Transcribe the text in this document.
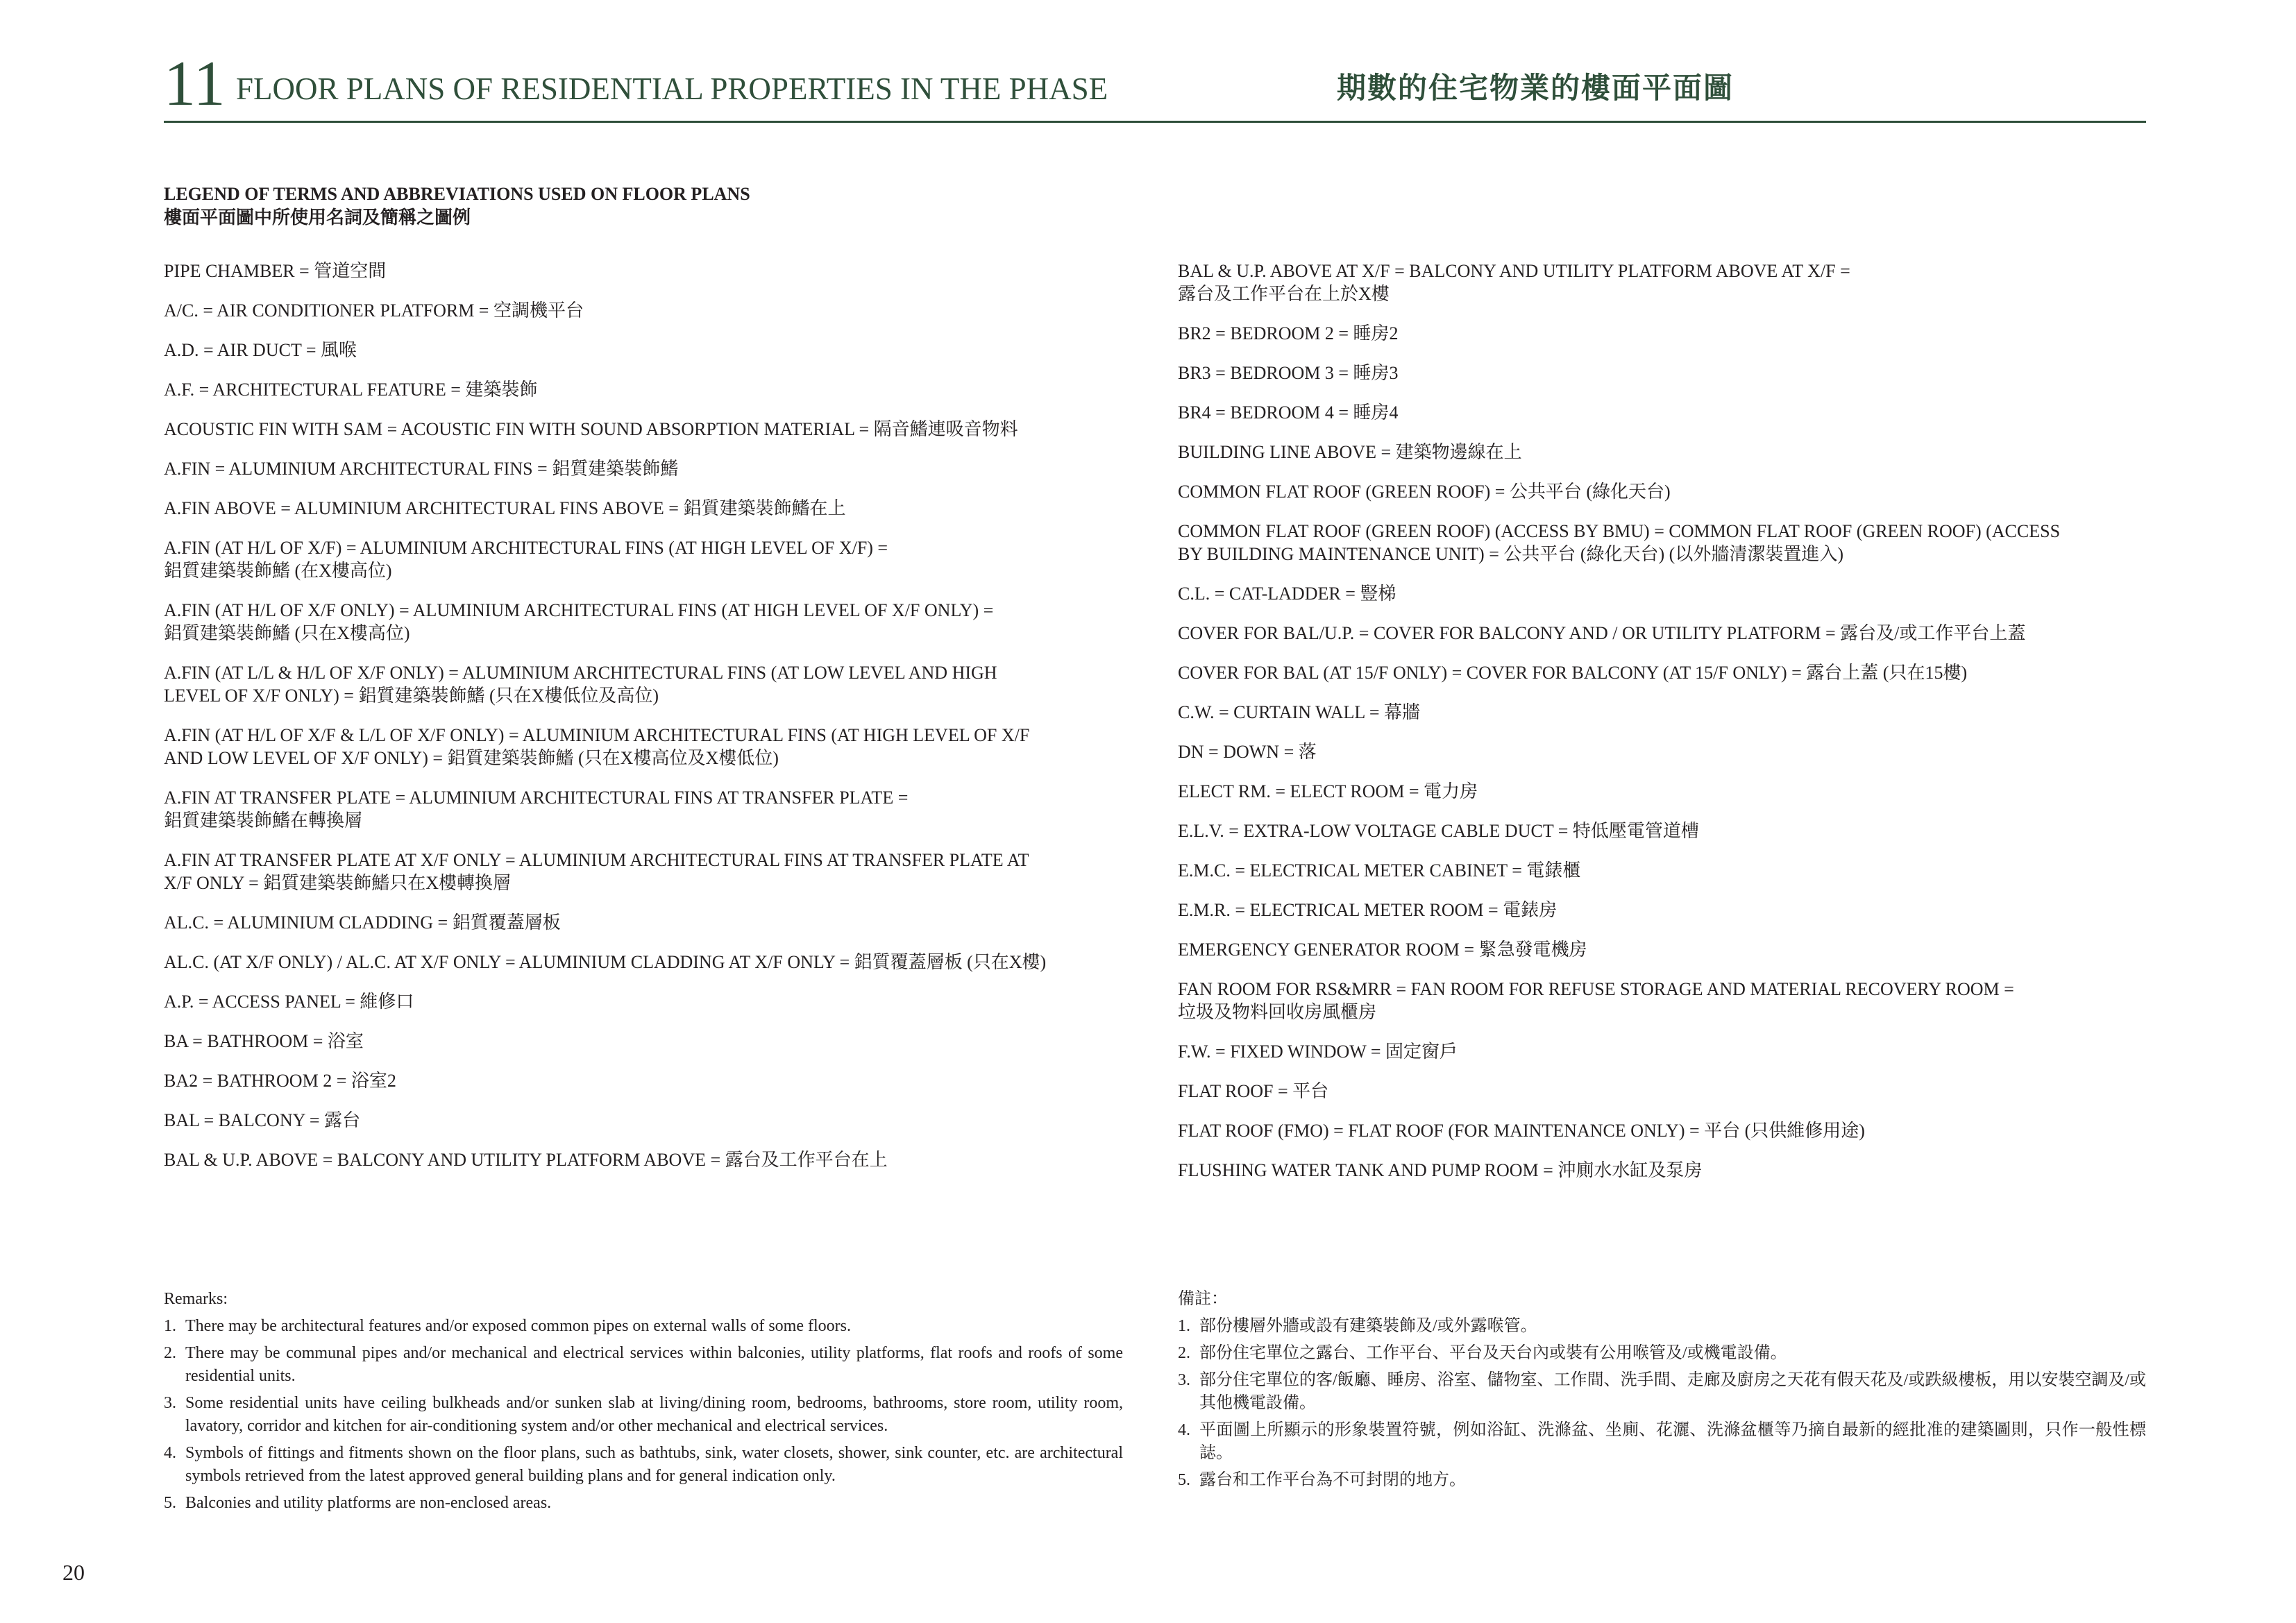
11 FLOOR PLANS OF RESIDENTIAL PROPERTIES IN THE PHASE	期數的住宅物業的樓面平面圖
LEGEND OF TERMS AND ABBREVIATIONS USED ON FLOOR PLANS
樓面平面圖中所使用名詞及簡稱之圖例
PIPE CHAMBER = 管道空間
A/C. = AIR CONDITIONER PLATFORM = 空調機平台
A.D. = AIR DUCT = 風喉
A.F. = ARCHITECTURAL FEATURE = 建築裝飾
ACOUSTIC FIN WITH SAM = ACOUSTIC FIN WITH SOUND ABSORPTION MATERIAL = 隔音鰭連吸音物料
A.FIN = ALUMINIUM ARCHITECTURAL FINS = 鋁質建築裝飾鰭
A.FIN ABOVE = ALUMINIUM ARCHITECTURAL FINS ABOVE = 鋁質建築裝飾鰭在上
A.FIN (AT H/L OF X/F) = ALUMINIUM ARCHITECTURAL FINS (AT HIGH LEVEL OF X/F) =
鋁質建築裝飾鰭 (在X樓高位)
A.FIN (AT H/L OF X/F ONLY) = ALUMINIUM ARCHITECTURAL FINS (AT HIGH LEVEL OF X/F ONLY) =
鋁質建築裝飾鰭 (只在X樓高位)
A.FIN (AT L/L & H/L OF X/F ONLY) = ALUMINIUM ARCHITECTURAL FINS (AT LOW LEVEL AND HIGH
LEVEL OF X/F ONLY) = 鋁質建築裝飾鰭 (只在X樓低位及高位)
A.FIN (AT H/L OF X/F & L/L OF X/F ONLY) = ALUMINIUM ARCHITECTURAL FINS (AT HIGH LEVEL OF X/F
AND LOW LEVEL OF X/F ONLY) = 鋁質建築裝飾鰭 (只在X樓高位及X樓低位)
A.FIN AT TRANSFER PLATE = ALUMINIUM ARCHITECTURAL FINS AT TRANSFER PLATE =
鋁質建築裝飾鰭在轉換層
A.FIN AT TRANSFER PLATE AT X/F ONLY = ALUMINIUM ARCHITECTURAL FINS AT TRANSFER PLATE AT
X/F ONLY = 鋁質建築裝飾鰭只在X樓轉換層
AL.C. = ALUMINIUM CLADDING = 鋁質覆蓋層板
AL.C. (AT X/F ONLY) / AL.C. AT X/F ONLY = ALUMINIUM CLADDING AT X/F ONLY = 鋁質覆蓋層板 (只在X樓)
A.P. = ACCESS PANEL = 維修口
BA = BATHROOM = 浴室
BA2 = BATHROOM 2 = 浴室2
BAL = BALCONY = 露台
BAL & U.P. ABOVE = BALCONY AND UTILITY PLATFORM ABOVE = 露台及工作平台在上
BAL & U.P. ABOVE AT X/F = BALCONY AND UTILITY PLATFORM ABOVE AT X/F =
露台及工作平台在上於X樓
BR2 = BEDROOM 2 = 睡房2
BR3 = BEDROOM 3 = 睡房3
BR4 = BEDROOM 4 = 睡房4
BUILDING LINE ABOVE = 建築物邊線在上
COMMON FLAT ROOF (GREEN ROOF) = 公共平台 (綠化天台)
COMMON FLAT ROOF (GREEN ROOF) (ACCESS BY BMU) = COMMON FLAT ROOF (GREEN ROOF) (ACCESS
BY BUILDING MAINTENANCE UNIT) = 公共平台 (綠化天台) (以外牆清潔裝置進入)
C.L. = CAT-LADDER = 豎梯
COVER FOR BAL/U.P. = COVER FOR BALCONY AND / OR UTILITY PLATFORM = 露台及/或工作平台上蓋
COVER FOR BAL (AT 15/F ONLY) = COVER FOR BALCONY (AT 15/F ONLY) = 露台上蓋 (只在15樓)
C.W. = CURTAIN WALL = 幕牆
DN = DOWN = 落
ELECT RM. = ELECT ROOM = 電力房
E.L.V. = EXTRA-LOW VOLTAGE CABLE DUCT = 特低壓電管道槽
E.M.C. = ELECTRICAL METER CABINET = 電錶櫃
E.M.R. = ELECTRICAL METER ROOM = 電錶房
EMERGENCY GENERATOR ROOM = 緊急發電機房
FAN ROOM FOR RS&MRR = FAN ROOM FOR REFUSE STORAGE AND MATERIAL RECOVERY ROOM =
垃圾及物料回收房風櫃房
F.W. = FIXED WINDOW = 固定窗戶
FLAT ROOF = 平台
FLAT ROOF (FMO) = FLAT ROOF (FOR MAINTENANCE ONLY) = 平台 (只供維修用途)
FLUSHING WATER TANK AND PUMP ROOM = 沖廁水水缸及泵房
Remarks:
1. There may be architectural features and/or exposed common pipes on external walls of some floors.
2. There may be communal pipes and/or mechanical and electrical services within balconies, utility platforms, flat roofs and roofs of some residential units.
3. Some residential units have ceiling bulkheads and/or sunken slab at living/dining room, bedrooms, bathrooms, store room, utility room, lavatory, corridor and kitchen for air-conditioning system and/or other mechanical and electrical services.
4. Symbols of fittings and fitments shown on the floor plans, such as bathtubs, sink, water closets, shower, sink counter, etc. are architectural symbols retrieved from the latest approved general building plans and for general indication only.
5. Balconies and utility platforms are non-enclosed areas.
備註：
1. 部份樓層外牆或設有建築裝飾及/或外露喉管。
2. 部份住宅單位之露台、工作平台、平台及天台內或裝有公用喉管及/或機電設備。
3. 部分住宅單位的客/飯廳、睡房、浴室、儲物室、工作間、洗手間、走廊及廚房之天花有假天花及/或跌級樓板，用以安裝空調及/或其他機電設備。
4. 平面圖上所顯示的形象裝置符號，例如浴缸、洗滌盆、坐廁、花灑、洗滌盆櫃等乃摘自最新的經批准的建築圖則，只作一般性標誌。
5. 露台和工作平台為不可封閉的地方。
20
